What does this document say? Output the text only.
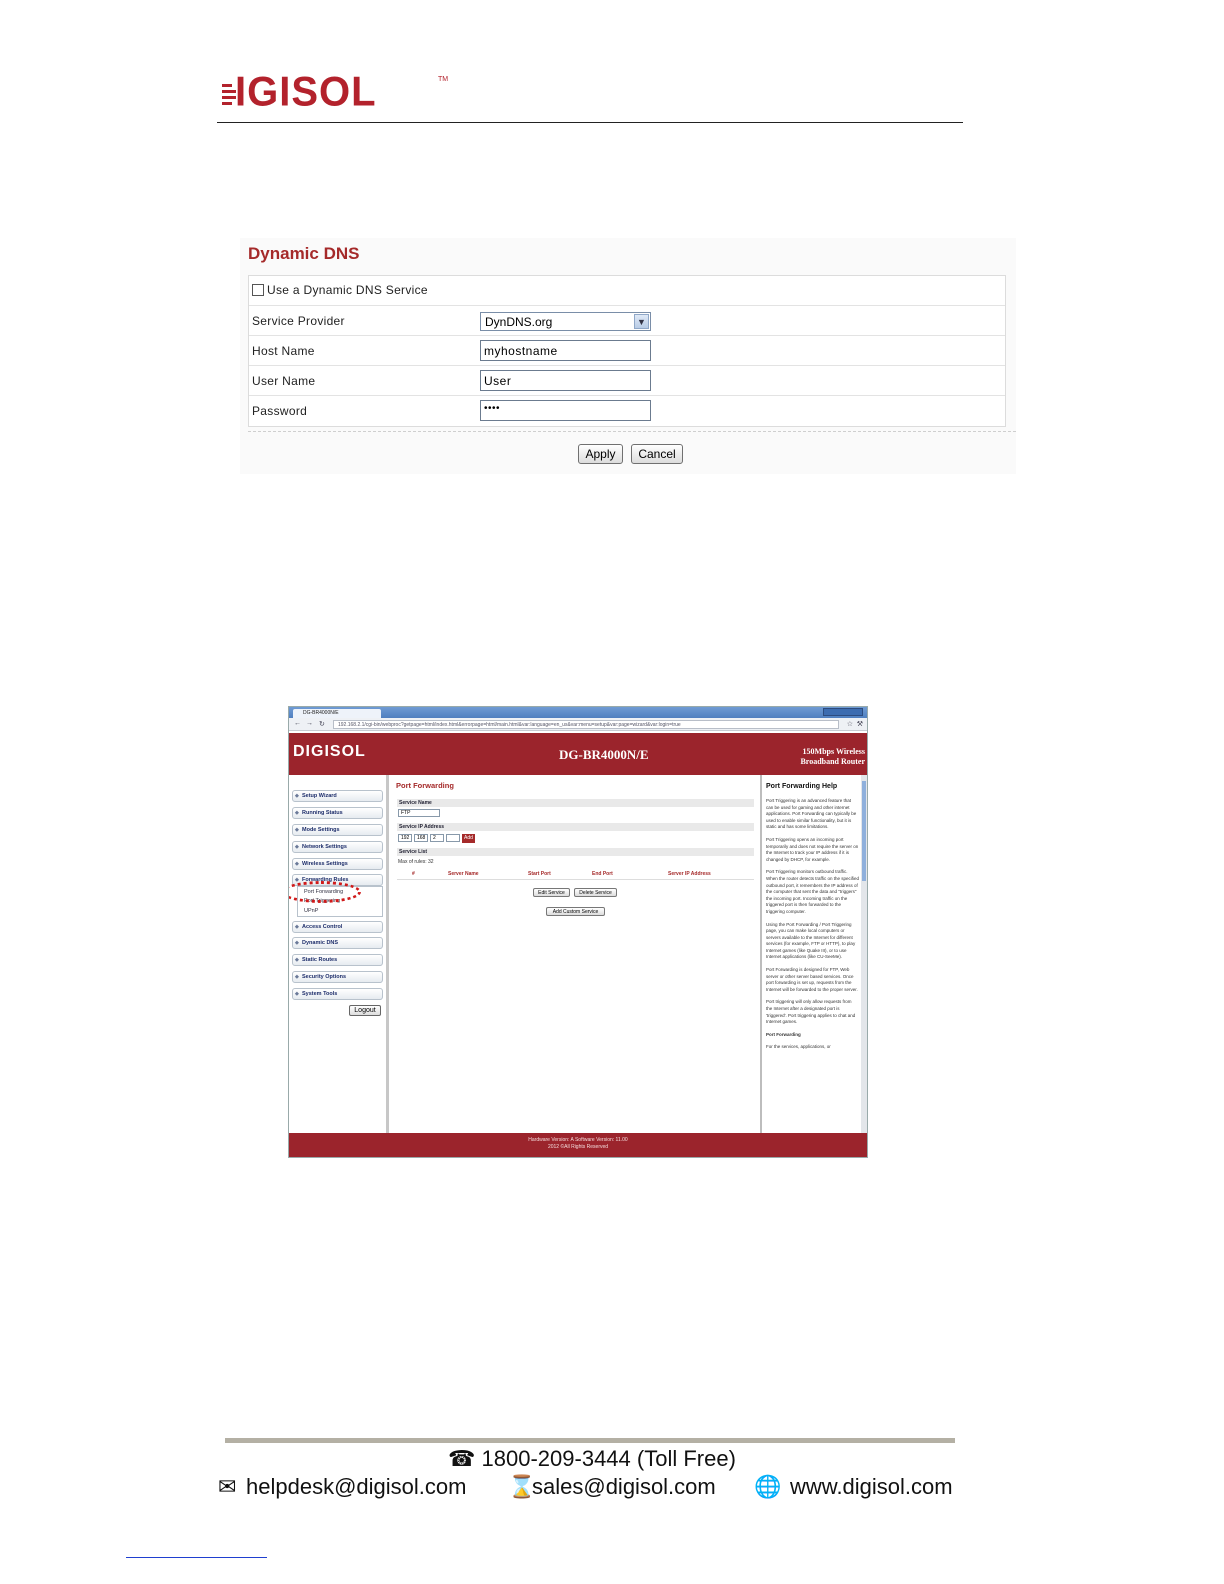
IGISOL	TM
Dynamic DNS
Use a Dynamic DNS Service
Service Provider	DynDNS.org	▼
Host Name	myhostname
User Name	User
Password	••••
Apply	Cancel
DG-BR4000N/E
← → ↻	192.168.2.1/cgi-bin/webproc?getpage=html/index.html&errorpage=html/main.html&var:language=en_us&var:menu=setup&var:page=wizard&var:login=true	☆ ⚒
DIGISOL	DG-BR4000N/E	150Mbps Wireless
Broadband Router
◆ Setup Wizard
◆ Running Status
◆ Mode Settings
◆ Network Settings
◆ Wireless Settings
◆ Forwarding Rules
Port Forwarding
Port Triggering
UPnP
◆ Access Control
◆ Dynamic DNS
◆ Static Routes
◆ Security Options
◆ System Tools
Logout
Port Forwarding
Service Name
FTP
Service IP Address
192	168	2	Add
Service List
Max of rules: 32
#	Server Name	Start Port	End Port	Server IP Address
Edit Service	Delete Service
Add Custom Service
Port Forwarding Help

Port Triggering is an advanced feature that can be used for gaming and other internet applications. Port Forwarding can typically be used to enable similar functionality, but it is static and has some limitations.

Port Triggering opens an incoming port temporarily and does not require the server on the Internet to track your IP address if it is changed by DHCP, for example.

Port Triggering monitors outbound traffic. When the router detects traffic on the specified outbound port, it remembers the IP address of the computer that sent the data and "triggers" the incoming port. Incoming traffic on the triggered port is then forwarded to the triggering computer.

Using the Port Forwarding / Port Triggering page, you can make local computers or servers available to the Internet for different services (for example, FTP or HTTP), to play Internet games (like Quake III), or to use Internet applications (like CU-SeeMe).

Port Forwarding is designed for FTP, Web server or other server based services. Once port forwarding is set up, requests from the Internet will be forwarded to the proper server.

Port triggering will only allow requests from the Internet after a designated port is 'triggered'. Port triggering applies to chat and Internet games.

Port Forwarding

For the services, applications, or

Hardware Version: A Software Version: 11.00
2012 ©All Rights Reserved
☎ 1800-209-3444 (Toll Free)
✉ helpdesk@digisol.com ⌛
sales@digisol.com 🌐 www.digisol.com
